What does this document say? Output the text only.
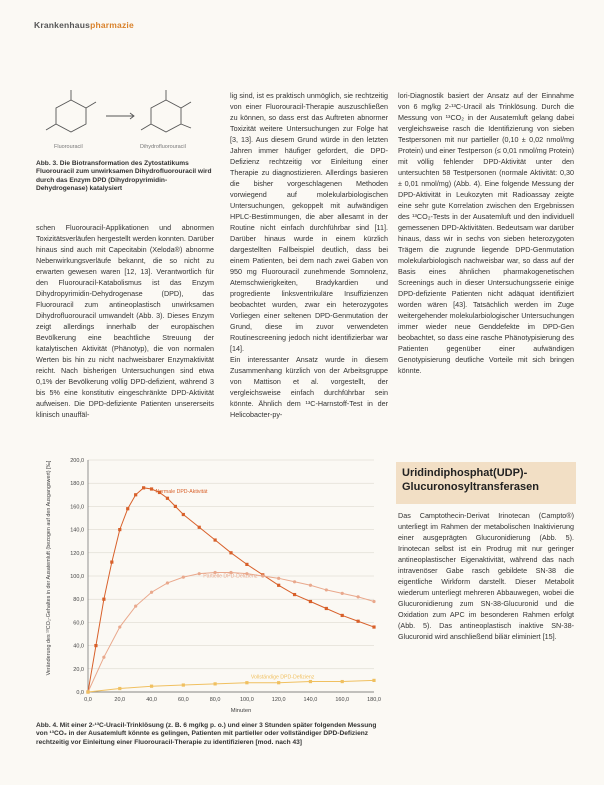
Krankenhauspharmazie
Fluorouracil	Dihydrofluorouracil
Abb. 3. Die Biotransformation des Zytostatikums Fluorouracil zum unwirksamen Dihydrofluorouracil wird durch das Enzym DPD (Dihydropyrimidin-Dehydrogenase) katalysiert

schen Fluorouracil-Applikationen und abnormen Toxizitätsverläufen hergestellt werden konnten. Darüber hinaus sind auch mit Capecitabin (Xeloda®) abnorme Nebenwirkungsverläufe bekannt, die so nicht zu erwarten gewesen waren [12, 13]. Verantwortlich für den Fluorouracil-Katabolismus ist das Enzym Dihydropyrimidin-Dehydrogenase (DPD), das Fluorouracil zum antineoplastisch unwirksamen Dihydrofluorouracil umwandelt (Abb. 3). Dieses Enzym zeigt allerdings innerhalb der europäischen Bevölkerung eine beachtliche Streuung der katalytischen Aktivität (Phänotyp), die von normalen Werten bis hin zu nicht nachweisbarer Enzymaktivität reicht. Nach bisherigen Untersuchungen sind etwa 0,1% der Bevölkerung völlig DPD-defizient, während 3 bis 5% eine konstitutiv eingeschränkte DPD-Aktivität aufweisen. Die DPD-defiziente Patienten unsererseits klinisch unauffäl-

lig sind, ist es praktisch unmöglich, sie rechtzeitig von einer Fluorouracil-Therapie auszuschließen zu können, so dass erst das Auftreten abnormer Toxizität weitere Untersuchungen zur Folge hat [3, 13]. Aus diesem Grund würde in den letzten Jahren immer häufiger gefordert, die DPD-Defizienz rechtzeitig vor Einleitung einer Therapie zu diagnostizieren. Allerdings basieren die bisher vorgeschlagenen Methoden vorwiegend auf molekularbiologischen Untersuchungen, gekoppelt mit aufwändigen HPLC-Bestimmungen, die aber allesamt in der Routine nicht einfach durchführbar sind [11]. Darüber hinaus wurde in einem kürzlich dargestellten Fallbeispiel deutlich, dass bei einem Patienten, bei dem nach zwei Gaben von 950 mg Fluorouracil zunehmende Somnolenz, Atemschwierigkeiten, Bradykardien und progrediente linksventrikuläre Insuffizienzen beobachtet wurden, zwar ein heterozygotes Vorliegen einer seltenen DPD-Genmutation der Grund, diese im zuvor verwendeten Routinescreening jedoch nicht identifizierbar war [14].
Ein interessanter Ansatz wurde in diesem Zusammenhang kürzlich von der Arbeitsgruppe von Mattison et al. vorgestellt, der vergleichsweise einfach durchführbar sein könnte. Ähnlich dem ¹³C-Harnstoff-Test in der Helicobacter-py-

lori-Diagnostik basiert der Ansatz auf der Einnahme von 6 mg/kg 2-¹³C-Uracil als Trinklösung. Durch die Messung von ¹³CO₂ in der Ausatemluft gelang dabei vergleichsweise rasch die Identifizierung von sieben Testpersonen mit nur partieller (0,10 ± 0,02 nmol/mg Protein) und einer Testperson (≤ 0,01 nmol/mg Protein) mit völlig fehlender DPD-Aktivität unter den untersuchten 58 Testpersonen (normale Aktivität: 0,30 ± 0,01 nmol/mg) (Abb. 4). Eine folgende Messung der DPD-Aktivität in Leukozyten mit Radioassay zeigte eine sehr gute Korrelation zwischen den Ergebnissen des ¹³CO₂-Tests in der Ausatemluft und den individuell gemessenen DPD-Aktivitäten. Bedeutsam war darüber hinaus, dass wir in sechs von sieben heterozygoten Trägern die zugrunde liegende DPD-Genmutation molekularbiologisch nachweisbar war, so dass auf der Basis eines ähnlichen pharmakogenetischen Screenings auch in dieser Untersuchungsserie einige DPD-defiziente Patienten nicht adäquat identifiziert worden wären [43]. Tatsächlich werden im Zuge weitergehender molekularbiologischer Untersuchungen immer wieder neue Genddefekte im DPD-Gen beobachtet, so dass eine rasche Phänotypisierung des Patienten gegenüber einer aufwändigen Genotypisierung deutliche Vorteile mit sich bringen könnte.

Uridindiphosphat(UDP)-Glucuronosyltransferasen

Das Camptothecin-Derivat Irinotecan (Campto®) unterliegt im Rahmen der metabolischen Inaktivierung einer ausgeprägten Glucuronidierung (Abb. 5). Irinotecan selbst ist ein Prodrug mit nur geringer antineoplastischer Eigenaktivität, während das nach intravenöser Gabe rasch gebildete SN-38 die eigentliche Wirkform darstellt. Dieser Metabolit wiederum unterliegt mehreren Abbauwegen, wobei die Glucuronidierung zum SN-38-Glucuronid und die Oxidation zum APC im besonderen Rahmen erfolgt (Abb. 5). Das antineoplastisch inaktive SN-38-Glucuronid wird anschließend biliär eliminiert [15].

Normale DPD-Aktivität
Partielle DPD-Defizienz
Vollständige DPD-Defizienz
0,0
20,0
40,0
60,0
80,0
100,0
120,0
140,0
160,0
180,0
200,0
0,0	20,0	40,0	60,0	80,0	100,0	120,0	140,0	160,0	180,0
Veränderung des ¹³CO₂-Gehaltes in der Ausatemluft (bezogen auf den Ausgangswert) [‰]
Minuten
Abb. 4. Mit einer 2-¹³C-Uracil-Trinklösung (z. B. 6 mg/kg p. o.) und einer 3 Stunden später folgenden Messung von ¹³CO₂ in der Ausatemluft könnte es gelingen, Patienten mit partieller oder vollständiger DPD-Defizienz rechtzeitig vor Einleitung einer Fluorouracil-Therapie zu identifizieren [mod. nach 43]
